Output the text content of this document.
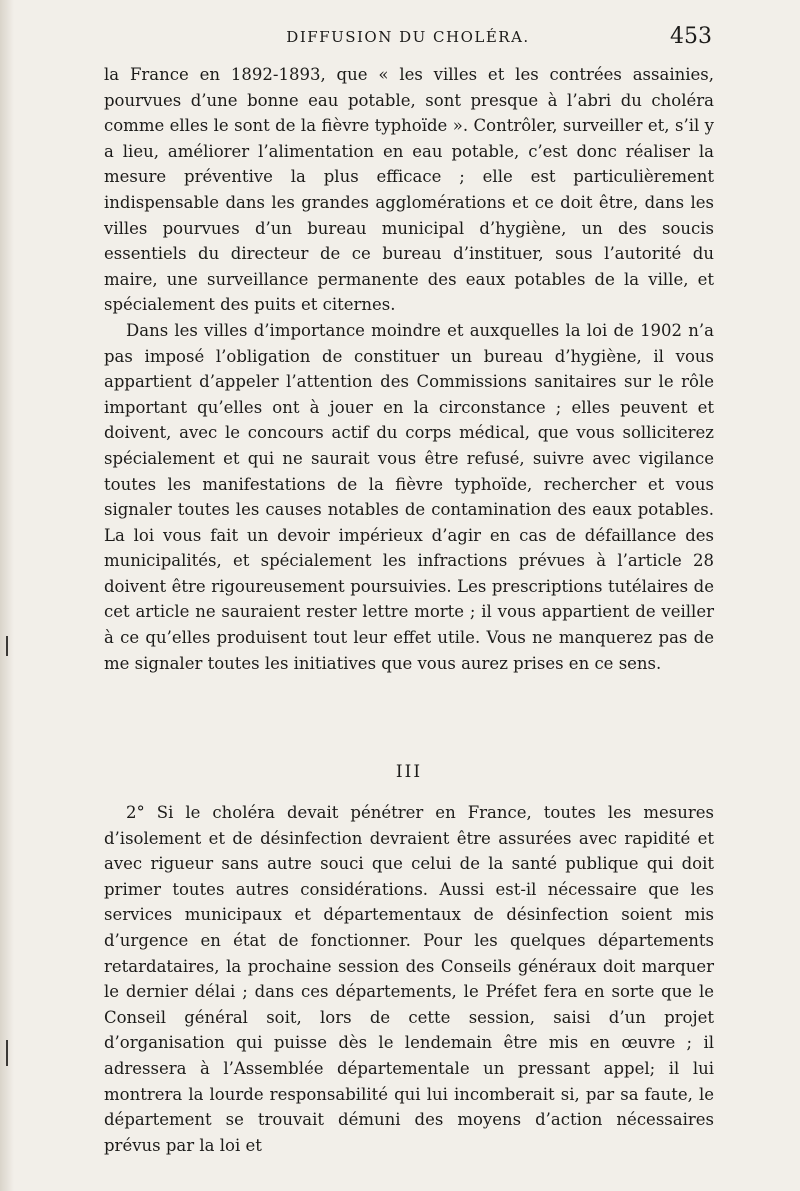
DIFFUSION DU CHOLÉRA.	453

la France en 1892-1893, que « les villes et les contrées assainies, pourvues d’une bonne eau potable, sont presque à l’abri du choléra comme elles le sont de la fièvre typhoïde ». Contrôler, surveiller et, s’il y a lieu, améliorer l’alimentation en eau potable, c’est donc réaliser la mesure préventive la plus efficace ; elle est particulièrement indispensable dans les grandes agglomérations et ce doit être, dans les villes pourvues d’un bureau municipal d’hygiène, un des soucis essentiels du directeur de ce bureau d’instituer, sous l’autorité du maire, une surveillance permanente des eaux potables de la ville, et spécialement des puits et citernes.

Dans les villes d’importance moindre et auxquelles la loi de 1902 n’a pas imposé l’obligation de constituer un bureau d’hygiène, il vous appartient d’appeler l’attention des Commissions sanitaires sur le rôle important qu’elles ont à jouer en la circonstance ; elles peuvent et doivent, avec le concours actif du corps médical, que vous solliciterez spécialement et qui ne saurait vous être refusé, suivre avec vigilance toutes les manifestations de la fièvre typhoïde, rechercher et vous signaler toutes les causes notables de contamination des eaux potables. La loi vous fait un devoir impérieux d’agir en cas de défaillance des municipalités, et spécialement les infractions prévues à l’article 28 doivent être rigoureusement poursuivies. Les prescriptions tutélaires de cet article ne sauraient rester lettre morte ; il vous appartient de veiller à ce qu’elles produisent tout leur effet utile. Vous ne manquerez pas de me signaler toutes les initiatives que vous aurez prises en ce sens.

III

2° Si le choléra devait pénétrer en France, toutes les mesures d’isolement et de désinfection devraient être assurées avec rapidité et avec rigueur sans autre souci que celui de la santé publique qui doit primer toutes autres considérations. Aussi est-il nécessaire que les services municipaux et départementaux de désinfection soient mis d’urgence en état de fonctionner. Pour les quelques départements retardataires, la prochaine session des Conseils généraux doit marquer le dernier délai ; dans ces départements, le Préfet fera en sorte que le Conseil général soit, lors de cette session, saisi d’un projet d’organisation qui puisse dès le lendemain être mis en œuvre ; il adressera à l’Assemblée départementale un pressant appel; il lui montrera la lourde responsabilité qui lui incomberait si, par sa faute, le département se trouvait démuni des moyens d’action nécessaires prévus par la loi et
